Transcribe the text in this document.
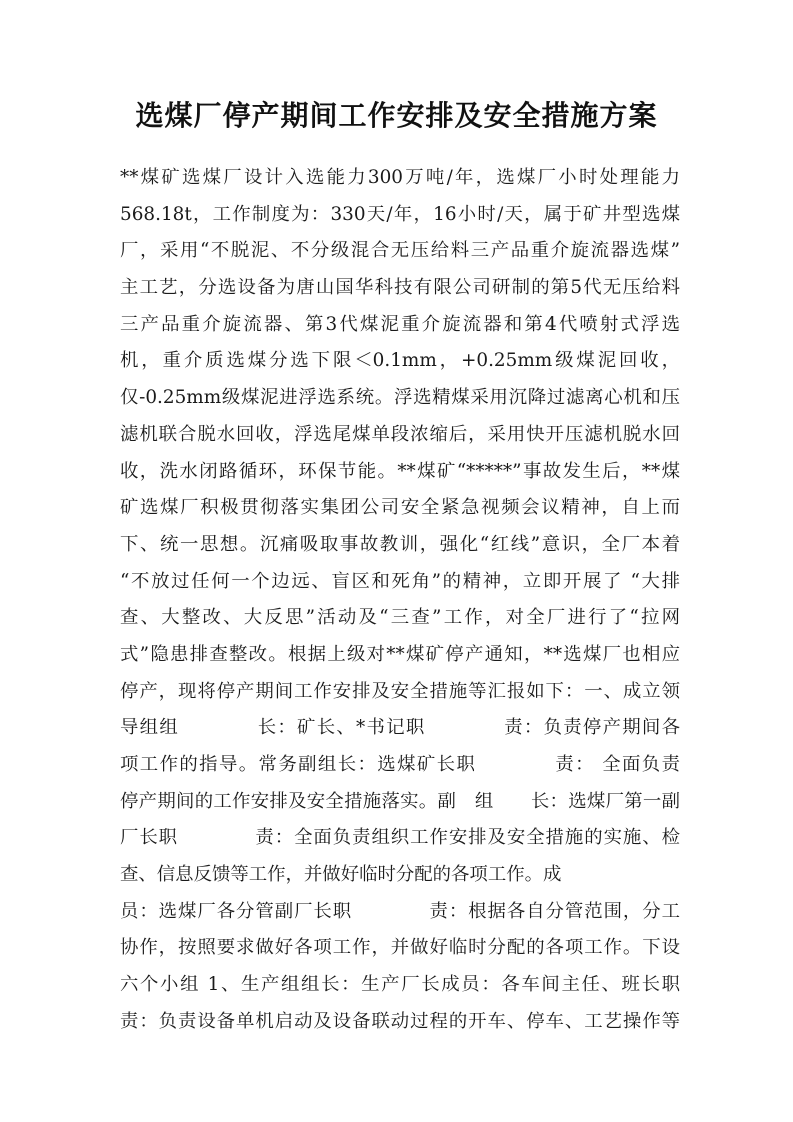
选煤厂停产期间工作安排及安全措施方案
**煤矿选煤厂设计入选能力300万吨/年，选煤厂小时处理能力
568.18t，工作制度为：330天/年，16小时/天，属于矿井型选煤
厂，采用“不脱泥、不分级混合无压给料三产品重介旋流器选煤”
主工艺，分选设备为唐山国华科技有限公司研制的第5代无压给料
三产品重介旋流器、第3代煤泥重介旋流器和第4代喷射式浮选
机，重介质选煤分选下限＜0.1mm，+0.25mm级煤泥回收，
仅-0.25mm级煤泥进浮选系统。浮选精煤采用沉降过滤离心机和压
滤机联合脱水回收，浮选尾煤单段浓缩后，采用快开压滤机脱水回
收，洗水闭路循环，环保节能。**煤矿“*****”事故发生后，**煤
矿选煤厂积极贯彻落实集团公司安全紧急视频会议精神，自上而
下、统一思想。沉痛吸取事故教训，强化“红线”意识，全厂本着
“不放过任何一个边远、盲区和死角”的精神，立即开展了 “大排
查、大整改、大反思”活动及“三查”工作，对全厂进行了“拉网
式”隐患排查整改。根据上级对**煤矿停产通知，**选煤厂也相应
停产，现将停产期间工作安排及安全措施等汇报如下：一、成立领
导组组　　　　长：矿长、*书记职　　　　责：负责停产期间各
项工作的指导。常务副组长：选煤矿长职　　　　责： 全面负责
停产期间的工作安排及安全措施落实。副　组　　长：选煤厂第一副
厂长职　　　　责：全面负责组织工作安排及安全措施的实施、检
查、信息反馈等工作，并做好临时分配的各项工作。成
员：选煤厂各分管副厂长职　　　　责：根据各自分管范围，分工
协作，按照要求做好各项工作，并做好临时分配的各项工作。下设
六个小组 1、生产组组长：生产厂长成员：各车间主任、班长职
责：负责设备单机启动及设备联动过程的开车、停车、工艺操作等
